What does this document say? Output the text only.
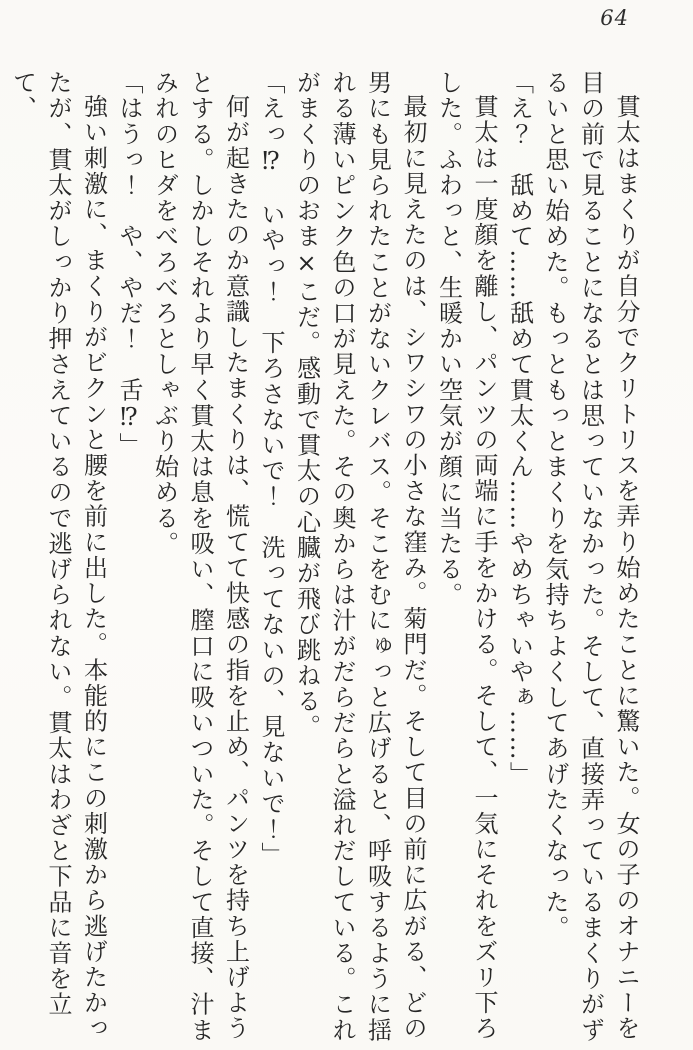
64

貫太はまくりが自分でクリトリスを弄り始めたことに驚いた。女の子のオナニーを目の前で見ることになるとは思っていなかった。そして、直接弄っているまくりがずるいと思い始めた。もっともっとまくりを気持ちよくしてあげたくなった。

「え？　舐めて……舐めて貫太くん……やめちゃいやぁ……」

貫太は一度顔を離し、パンツの両端に手をかける。そして、一気にそれをズリ下ろした。ふわっと、生暖かい空気が顔に当たる。

最初に見えたのは、シワシワの小さな窪み。菊門だ。そして目の前に広がる、どの男にも見られたことがないクレバス。そこをむにゅっと広げると、呼吸するように揺れる薄いピンク色の口が見えた。その奥からは汁がだらだらと溢れだしている。これがまくりのおま×こだ。感動で貫太の心臓が飛び跳ねる。

「えっ⁉　いやっ！　下ろさないで！　洗ってないの、見ないで！」

何が起きたのか意識したまくりは、慌てて快感の指を止め、パンツを持ち上げようとする。しかしそれより早く貫太は息を吸い、膣口に吸いついた。そして直接、汁まみれのヒダをべろべろとしゃぶり始める。

「はうっ！　や、やだ！　舌⁉」

強い刺激に、まくりがビクンと腰を前に出した。本能的にこの刺激から逃げたかったが、貫太がしっかり押さえているので逃げられない。貫太はわざと下品に音を立て、
